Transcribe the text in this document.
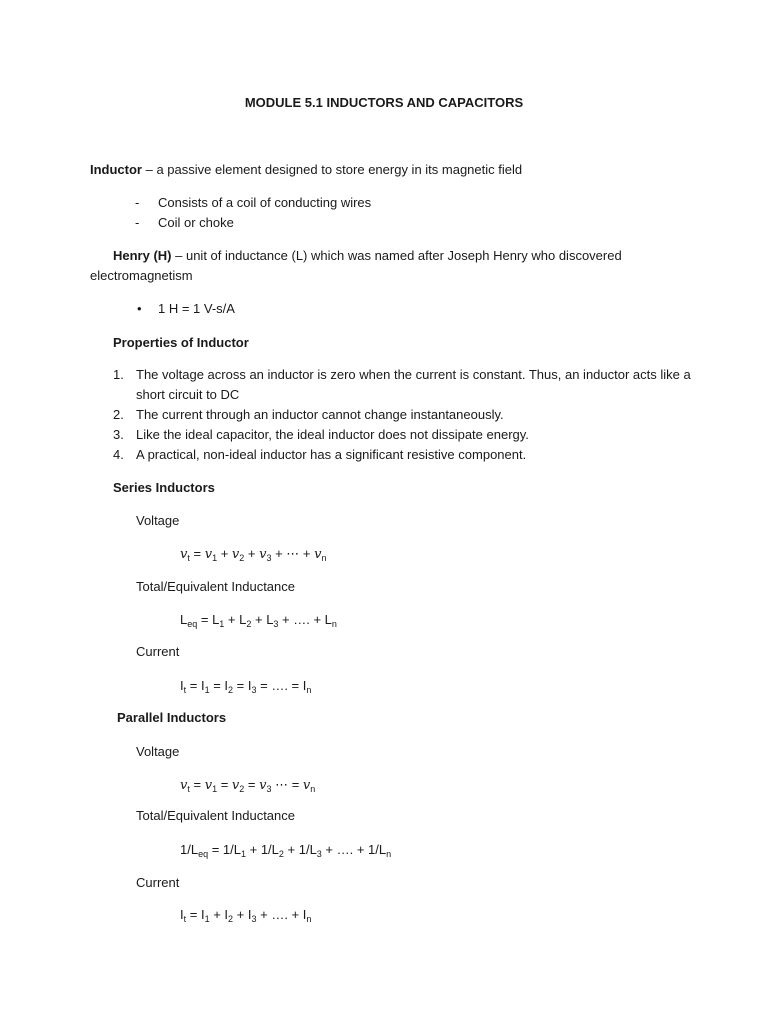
MODULE 5.1 INDUCTORS AND CAPACITORS
Inductor – a passive element designed to store energy in its magnetic field
- Consists of a coil of conducting wires
- Coil or choke
Henry (H) – unit of inductance (L) which was named after Joseph Henry who discovered
electromagnetism
• 1 H = 1 V-s/A
Properties of Inductor
1. The voltage across an inductor is zero when the current is constant. Thus, an inductor acts like a
short circuit to DC
2. The current through an inductor cannot change instantaneously.
3. Like the ideal capacitor, the ideal inductor does not dissipate energy.
4. A practical, non-ideal inductor has a significant resistive component.
Series Inductors
Voltage
$v_t = v_1 + v_2 + v_3$ + ⋯ + $v_n$
Total/Equivalent Inductance
$L_{eq} = L_1 + L_2 + L_3$ + …. + $L_n$
Current
$I_t = I_1 = I_2 = I_3$ = …. = $I_n$
Parallel Inductors
Voltage
$v_t = v_1 = v_2 = v_3$ ⋯ = $v_n$
Total/Equivalent Inductance
$1/L_{eq} = 1/L_1 + 1/L_2 + 1/L_3$ + …. + $1/L_n$
Current
$I_t = I_1 + I_2 + I_3$ + …. + $I_n$
